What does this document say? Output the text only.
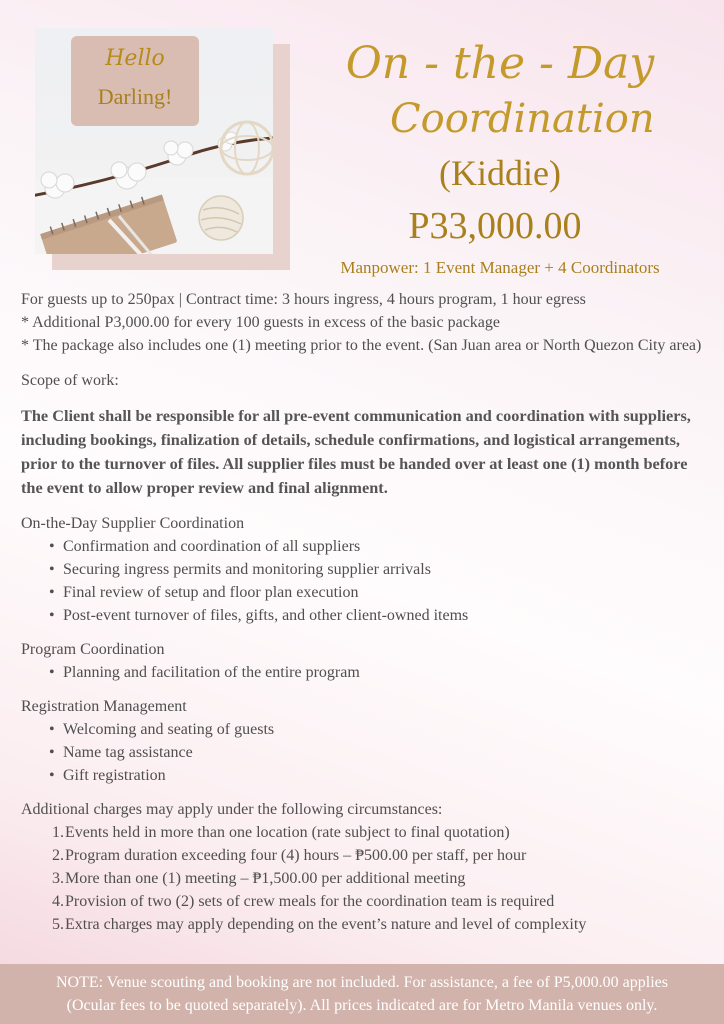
Hello
Darling!
On - the - Day
Coordination
(Kiddie)
P33,000.00
Manpower: 1 Event Manager + 4 Coordinators

For guests up to 250pax | Contract time: 3 hours ingress, 4 hours program, 1 hour egress

* Additional P3,000.00 for every 100 guests in excess of the basic package

* The package also includes one (1) meeting prior to the event. (San Juan area or North Quezon City area)

Scope of work:

The Client shall be responsible for all pre-event communication and coordination with suppliers, including bookings, finalization of details, schedule confirmations, and logistical arrangements, prior to the turnover of files. All supplier files must be handed over at least one (1) month before the event to allow proper review and final alignment.

On-the-Day Supplier Coordination

• Confirmation and coordination of all suppliers
• Securing ingress permits and monitoring supplier arrivals
• Final review of setup and floor plan execution
• Post-event turnover of files, gifts, and other client-owned items

Program Coordination

• Planning and facilitation of the entire program

Registration Management

• Welcoming and seating of guests
• Name tag assistance
• Gift registration

Additional charges may apply under the following circumstances:

1. Events held in more than one location (rate subject to final quotation)
2. Program duration exceeding four (4) hours – ₱500.00 per staff, per hour
3. More than one (1) meeting – ₱1,500.00 per additional meeting
4. Provision of two (2) sets of crew meals for the coordination team is required
5. Extra charges may apply depending on the event’s nature and level of complexity
NOTE: Venue scouting and booking are not included. For assistance, a fee of P5,000.00 applies
(Ocular fees to be quoted separately). All prices indicated are for Metro Manila venues only.
